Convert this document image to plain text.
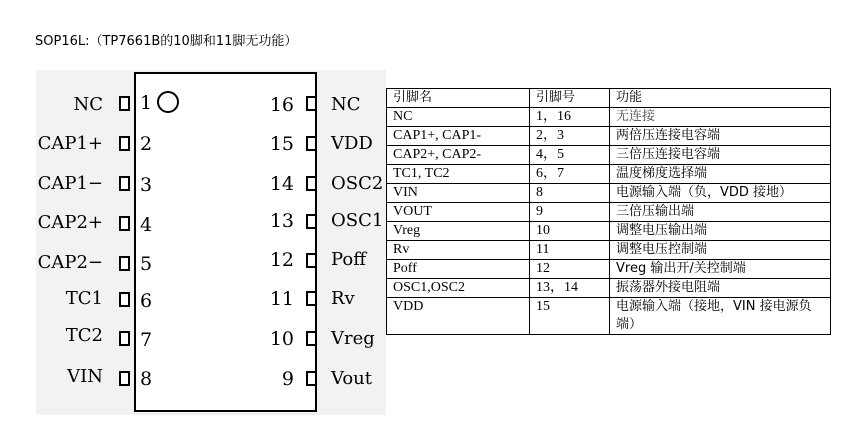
SOP16L:（TP7661B的10脚和11脚无功能）
NC 1
CAP1+ 2
CAP1− 3
CAP2+ 4
CAP2− 5
TC1 6
TC2 7
VIN 8
16 NC
15 VDD
14 OSC2
13 OSC1
12 Poff
11 Rv
10 Vreg
9 Vout
引脚名	引脚号	功能
NC	1，16	无连接
CAP1+, CAP1-	2，3	两倍压连接电容端
CAP2+, CAP2-	4，5	三倍压连接电容端
TC1, TC2	6，7	温度梯度选择端
VIN	8	电源输入端（负，VDD 接地）
VOUT	9	三倍压输出端
Vreg	10	调整电压输出端
Rv	11	调整电压控制端
Poff	12	Vreg 输出开/关控制端
OSC1,OSC2	13，14	振荡器外接电阻端
VDD	15	电源输入端（接地，VIN 接电源负端）
